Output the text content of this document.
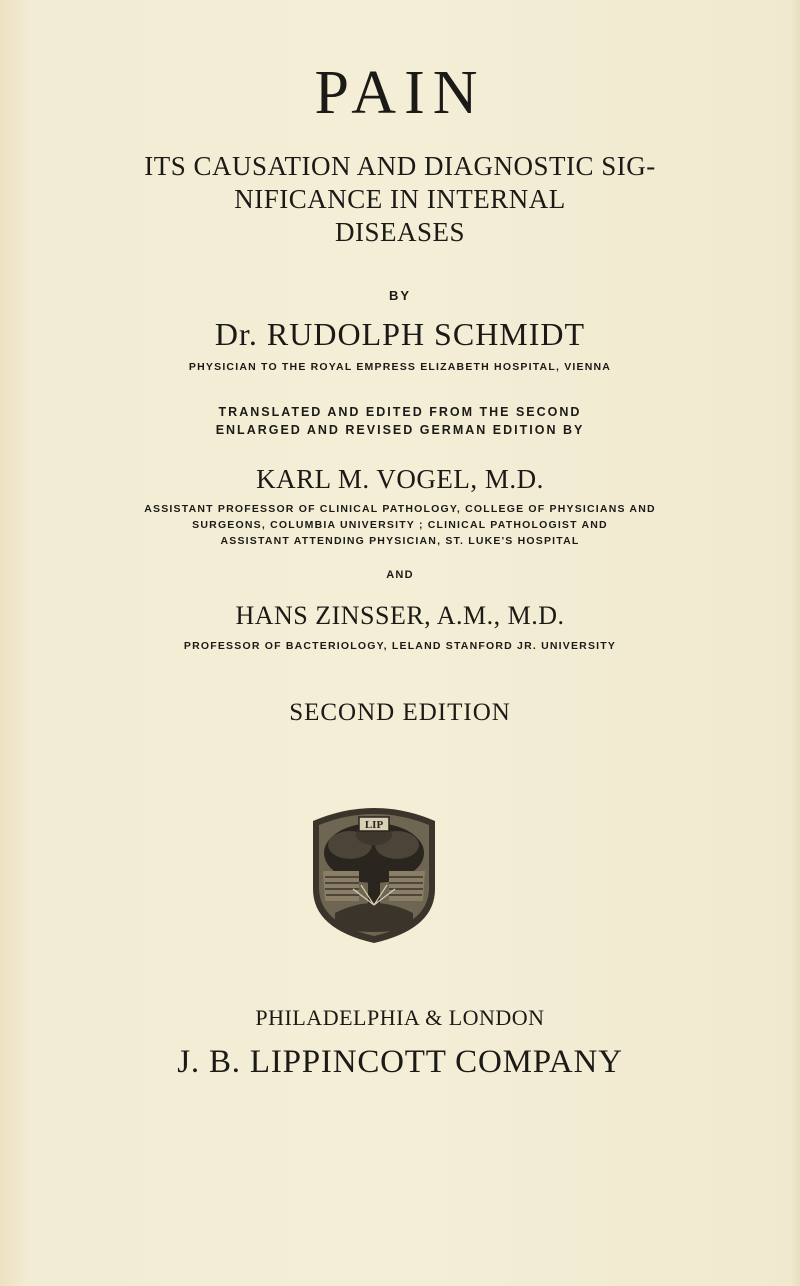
PAIN
ITS CAUSATION AND DIAGNOSTIC SIG-
NIFICANCE IN INTERNAL
DISEASES
BY
Dr. RUDOLPH SCHMIDT
PHYSICIAN TO THE ROYAL EMPRESS ELIZABETH HOSPITAL, VIENNA
TRANSLATED AND EDITED FROM THE SECOND
ENLARGED AND REVISED GERMAN EDITION BY
KARL M. VOGEL, M.D.
ASSISTANT PROFESSOR OF CLINICAL PATHOLOGY, COLLEGE OF PHYSICIANS AND
SURGEONS, COLUMBIA UNIVERSITY ; CLINICAL PATHOLOGIST AND
ASSISTANT ATTENDING PHYSICIAN, ST. LUKE'S HOSPITAL
AND
HANS ZINSSER, A.M., M.D.
PROFESSOR OF BACTERIOLOGY, LELAND STANFORD JR. UNIVERSITY
SECOND EDITION
LIP
PHILADELPHIA & LONDON
J. B. LIPPINCOTT COMPANY
